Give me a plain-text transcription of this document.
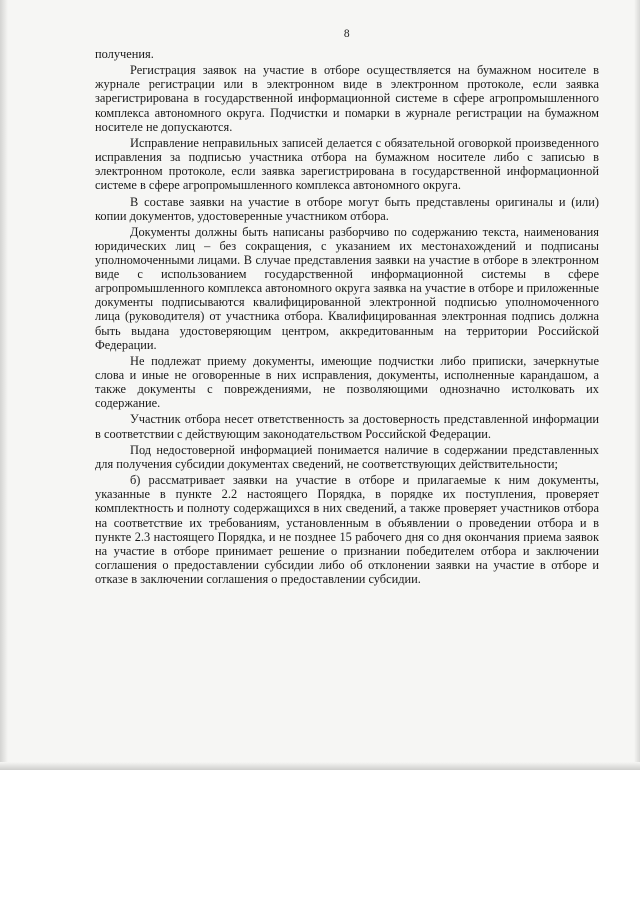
8

получения.

Регистрация заявок на участие в отборе осуществляется на бумажном носителе в журнале регистрации или в электронном виде в электронном протоколе, если заявка зарегистрирована в государственной информационной системе в сфере агропромышленного комплекса автономного округа. Подчистки и помарки в журнале регистрации на бумажном носителе не допускаются.

Исправление неправильных записей делается с обязательной оговоркой произведенного исправления за подписью участника отбора на бумажном носителе либо с записью в электронном протоколе, если заявка зарегистрирована в государственной информационной системе в сфере агропромышленного комплекса автономного округа.

В составе заявки на участие в отборе могут быть представлены оригиналы и (или) копии документов, удостоверенные участником отбора.

Документы должны быть написаны разборчиво по содержанию текста, наименования юридических лиц – без сокращения, с указанием их местонахождений и подписаны уполномоченными лицами. В случае представления заявки на участие в отборе в электронном виде с использованием государственной информационной системы в сфере агропромышленного комплекса автономного округа заявка на участие в отборе и приложенные документы подписываются квалифицированной электронной подписью уполномоченного лица (руководителя) от участника отбора. Квалифицированная электронная подпись должна быть выдана удостоверяющим центром, аккредитованным на территории Российской Федерации.

Не подлежат приему документы, имеющие подчистки либо приписки, зачеркнутые слова и иные не оговоренные в них исправления, документы, исполненные карандашом, а также документы с повреждениями, не позволяющими однозначно истолковать их содержание.

Участник отбора несет ответственность за достоверность представленной информации в соответствии с действующим законодательством Российской Федерации.

Под недостоверной информацией понимается наличие в содержании представленных для получения субсидии документах сведений, не соответствующих действительности;

б) рассматривает заявки на участие в отборе и прилагаемые к ним документы, указанные в пункте 2.2 настоящего Порядка, в порядке их поступления, проверяет комплектность и полноту содержащихся в них сведений, а также проверяет участников отбора на соответствие их требованиям, установленным в объявлении о проведении отбора и в пункте 2.3 настоящего Порядка, и не позднее 15 рабочего дня со дня окончания приема заявок на участие в отборе принимает решение о признании победителем отбора и заключении соглашения о предоставлении субсидии либо об отклонении заявки на участие в отборе и отказе в заключении соглашения о предоставлении субсидии.
